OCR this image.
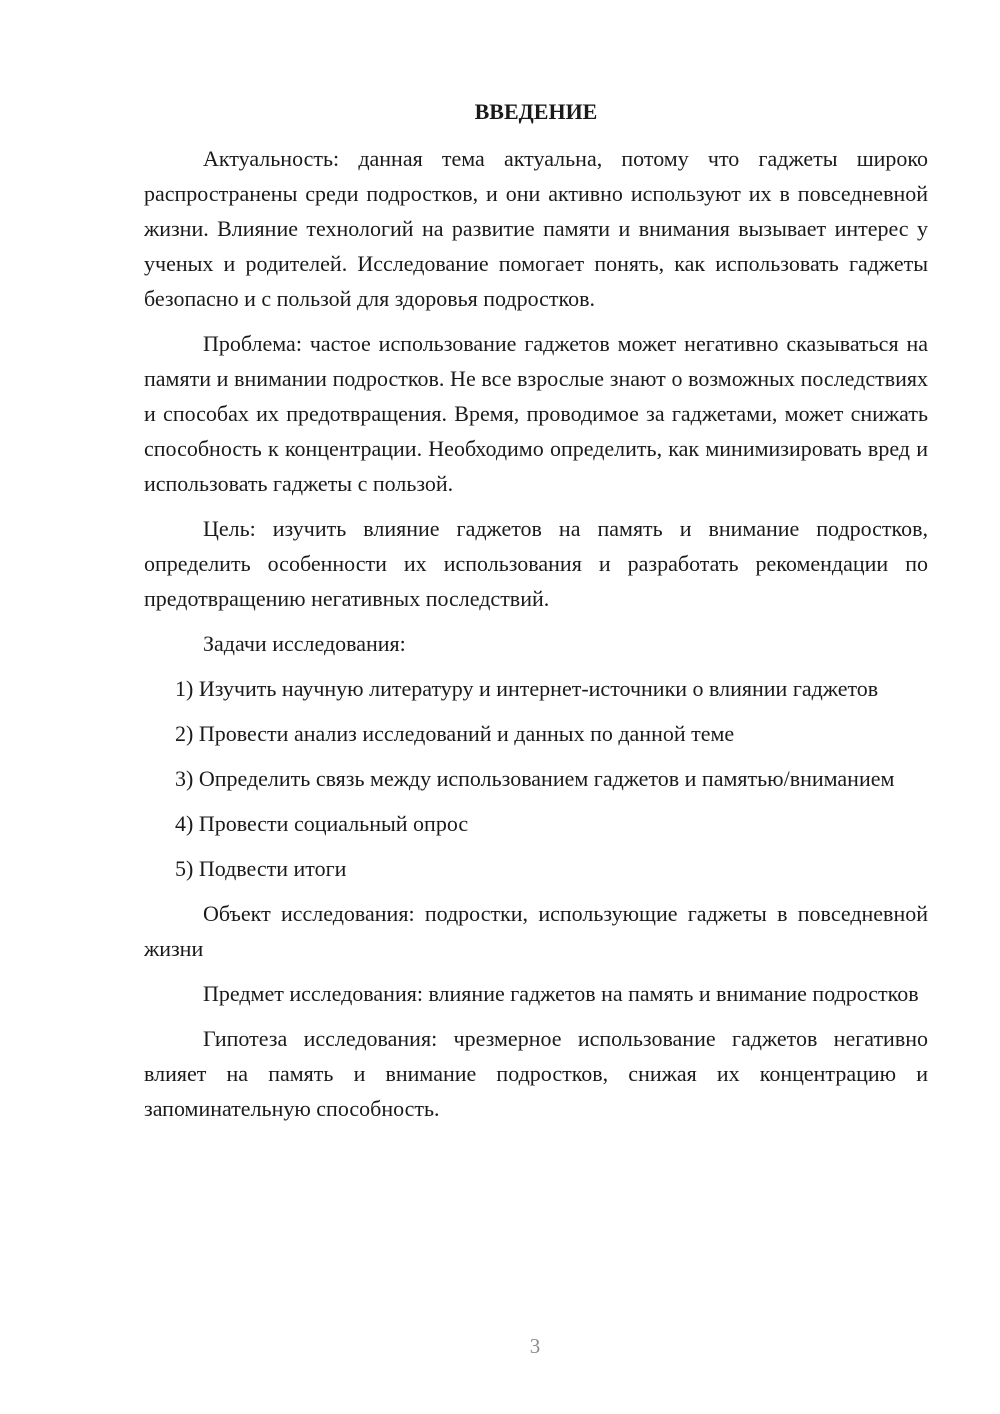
ВВЕДЕНИЕ

Актуальность: данная тема актуальна, потому что гаджеты широко распространены среди подростков, и они активно используют их в повседневной жизни. Влияние технологий на развитие памяти и внимания вызывает интерес у ученых и родителей. Исследование помогает понять, как использовать гаджеты безопасно и с пользой для здоровья подростков.

Проблема: частое использование гаджетов может негативно сказываться на памяти и внимании подростков. Не все взрослые знают о возможных последствиях и способах их предотвращения. Время, проводимое за гаджетами, может снижать способность к концентрации. Необходимо определить, как минимизировать вред и использовать гаджеты с пользой.

Цель: изучить влияние гаджетов на память и внимание подростков, определить особенности их использования и разработать рекомендации по предотвращению негативных последствий.

Задачи исследования:

1) Изучить научную литературу и интернет-источники о влиянии гаджетов

2) Провести анализ исследований и данных по данной теме

3) Определить связь между использованием гаджетов и памятью/вниманием

4) Провести социальный опрос

5) Подвести итоги

Объект исследования: подростки, использующие гаджеты в повседневной жизни

Предмет исследования: влияние гаджетов на память и внимание подростков

Гипотеза исследования: чрезмерное использование гаджетов негативно влияет на память и внимание подростков, снижая их концентрацию и запоминательную способность.

3
